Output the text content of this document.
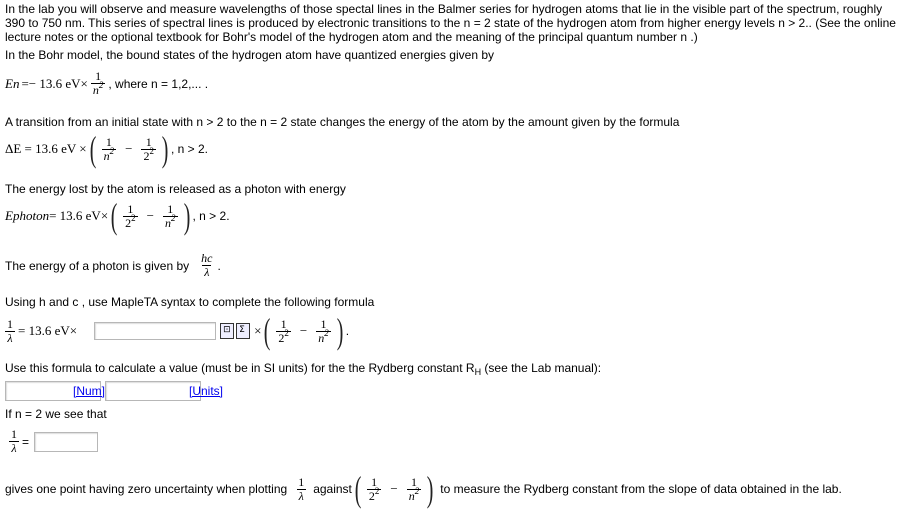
In the lab you will observe and measure wavelengths of those spectal lines in the Balmer series for hydrogen atoms that lie in the visible part of the spectrum, roughly
390 to 750 nm. This series of spectral lines is produced by electronic transitions to the n = 2 state of the hydrogen atom from higher energy levels n > 2.. (See the online
lecture notes or the optional textbook for Bohr's model of the hydrogen atom and the meaning of the principal quantum number n .)
In the Bohr model, the bound states of the hydrogen atom have quantized energies given by
E n =− 13.6 $eV\times \frac{1}{n^2}$ , where n = 1,2,... .
A transition from an initial state with n > 2 to the n = 2 state changes the energy of the atom by the amount given by the formula
ΔE = 13.6 eV × ( $\frac{1}{n^2} - \frac{1}{2^2}$ ) , n > 2.
The energy lost by the atom is released as a photon with energy
E photon = 13.6 eV× ( $\frac{1}{2^2} - \frac{1}{n^2}$ ) , n > 2.
The energy of a photon is given by $\frac{hc}{\lambda}$ .
Using h and c , use MapleTA syntax to complete the following formula
$\frac{1}{\lambda} = 13.6$ eV×	⊡ Σ × ( $\frac{1}{2^2} - \frac{1}{n^2}$ ) .
Use this formula to calculate a value (must be in SI units) for the the Rydberg constant $R_H$ (see the Lab manual):
[Num]	[Units]
If n = 2 we see that
$\frac{1}{\lambda}$ =
gives one point having zero uncertainty when plotting $\frac{1}{\lambda}$ against ( $\frac{1}{2^2} - \frac{1}{n^2}$ ) to measure the Rydberg constant from the slope of data obtained in the lab.
